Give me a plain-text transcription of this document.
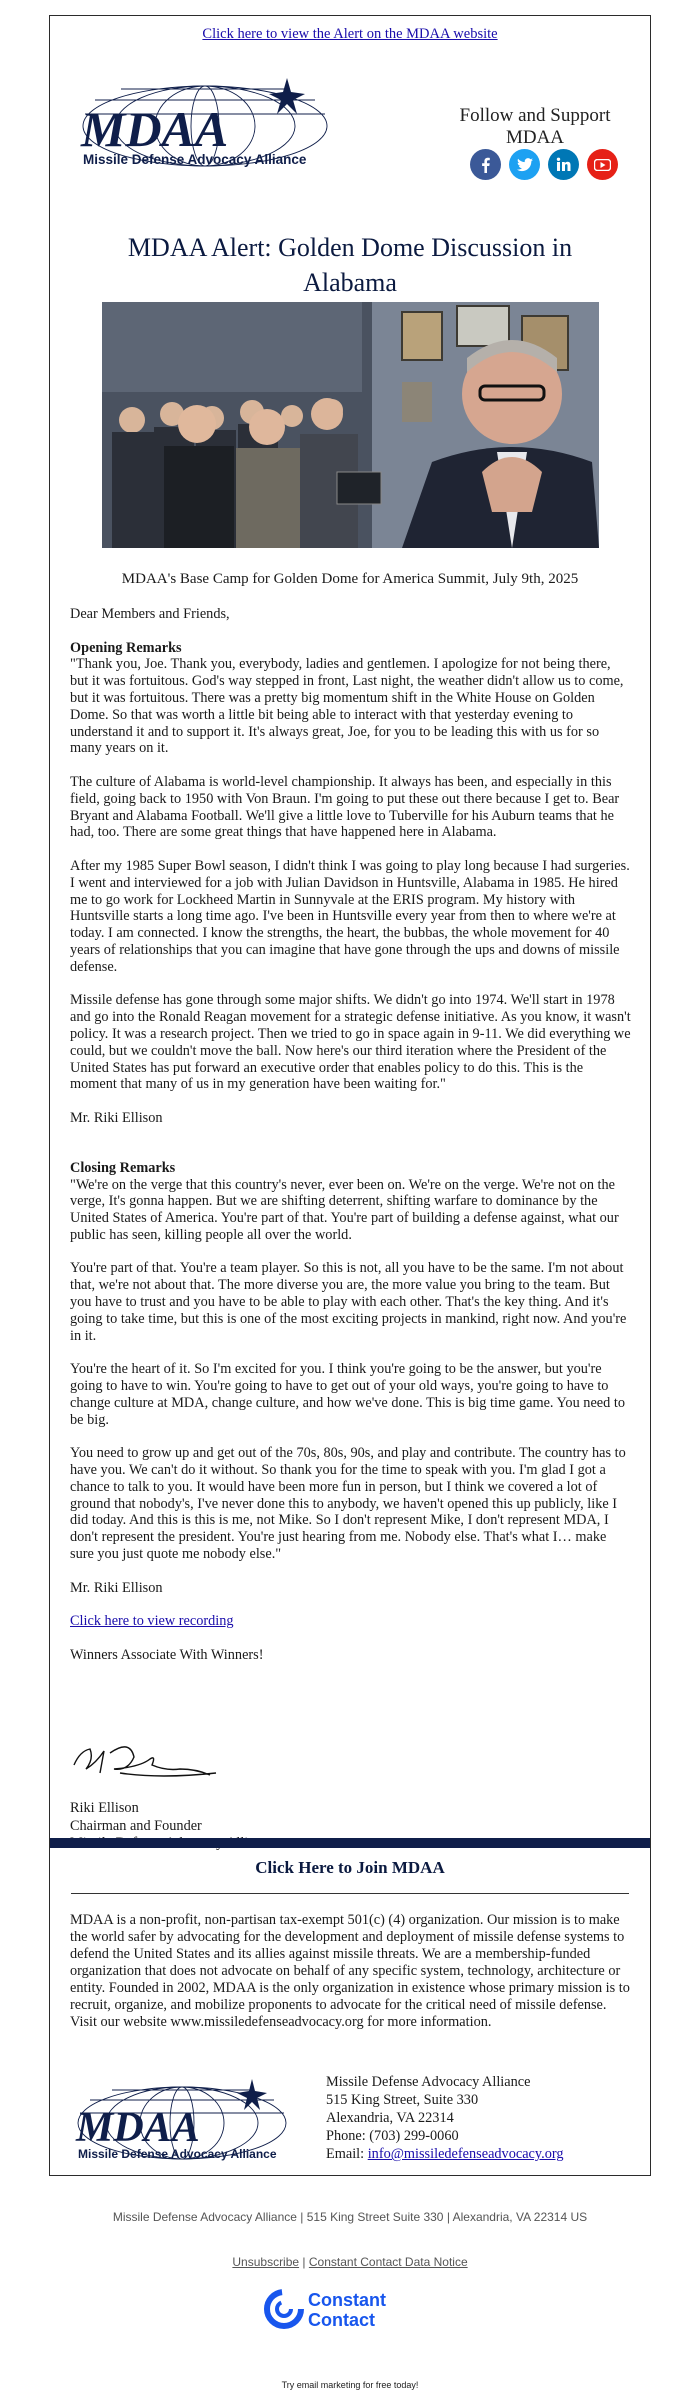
Click here to view the Alert on the MDAA website
MDAA
Missile Defense Advocacy Alliance
Follow and Support MDAA
MDAA Alert: Golden Dome Discussion in Alabama
MDAA's Base Camp for Golden Dome for America Summit, July 9th, 2025

Dear Members and Friends,

Opening Remarks

"Thank you, Joe. Thank you, everybody, ladies and gentlemen. I apologize for not being there, but it was fortuitous. God's way stepped in front, Last night, the weather didn't allow us to come, but it was fortuitous. There was a pretty big momentum shift in the White House on Golden Dome. So that was worth a little bit being able to interact with that yesterday evening to understand it and to support it. It's always great, Joe, for you to be leading this with us for so many years on it.

The culture of Alabama is world-level championship. It always has been, and especially in this field, going back to 1950 with Von Braun. I'm going to put these out there because I get to. Bear Bryant and Alabama Football. We'll give a little love to Tuberville for his Auburn teams that he had, too. There are some great things that have happened here in Alabama.

After my 1985 Super Bowl season, I didn't think I was going to play long because I had surgeries. I went and interviewed for a job with Julian Davidson in Huntsville, Alabama in 1985. He hired me to go work for Lockheed Martin in Sunnyvale at the ERIS program. My history with Huntsville starts a long time ago. I've been in Huntsville every year from then to where we're at today. I am connected. I know the strengths, the heart, the bubbas, the whole movement for 40 years of relationships that you can imagine that have gone through the ups and downs of missile defense.

Missile defense has gone through some major shifts. We didn't go into 1974. We'll start in 1978 and go into the Ronald Reagan movement for a strategic defense initiative. As you know, it wasn't policy. It was a research project. Then we tried to go in space again in 9-11. We did everything we could, but we couldn't move the ball. Now here's our third iteration where the President of the United States has put forward an executive order that enables policy to do this. This is the moment that many of us in my generation have been waiting for."

Mr. Riki Ellison

Closing Remarks

"We're on the verge that this country's never, ever been on. We're on the verge. We're not on the verge, It's gonna happen. But we are shifting deterrent, shifting warfare to dominance by the United States of America. You're part of that. You're part of building a defense against, what our public has seen, killing people all over the world.

You're part of that. You're a team player. So this is not, all you have to be the same. I'm not about that, we're not about that. The more diverse you are, the more value you bring to the team. But you have to trust and you have to be able to play with each other. That's the key thing. And it's going to take time, but this is one of the most exciting projects in mankind, right now. And you're in it.

You're the heart of it. So I'm excited for you. I think you're going to be the answer, but you're going to have to win. You're going to have to get out of your old ways, you're going to have to change culture at MDA, change culture, and how we've done. This is big time game. You need to be big.

You need to grow up and get out of the 70s, 80s, 90s, and play and contribute. The country has to have you. We can't do it without. So thank you for the time to speak with you. I'm glad I got a chance to talk to you. It would have been more fun in person, but I think we covered a lot of ground that nobody's, I've never done this to anybody, we haven't opened this up publicly, like I did today. And this is this is me, not Mike. So I don't represent Mike, I don't represent MDA, I don't represent the president. You're just hearing from me. Nobody else. That's what I… make sure you just quote me nobody else."

Mr. Riki Ellison

Click here to view recording

Winners Associate With Winners!

Riki Ellison
Chairman and Founder
Click Here to Join MDAA
MDAA is a non-profit, non-partisan tax-exempt 501(c) (4) organization. Our mission is to make the world safer by advocating for the development and deployment of missile defense systems to defend the United States and its allies against missile threats. We are a membership-funded organization that does not advocate on behalf of any specific system, technology, architecture or entity. Founded in 2002, MDAA is the only organization in existence whose primary mission is to recruit, organize, and mobilize proponents to advocate for the critical need of missile defense. Visit our website www.missiledefenseadvocacy.org for more information.
MDAA
Missile Defense Advocacy Alliance
Missile Defense Advocacy Alliance
515 King Street, Suite 330
Alexandria, VA 22314
Phone: (703) 299-0060
Email: info@missiledefenseadvocacy.org
Missile Defense Advocacy Alliance | 515 King Street Suite 330 | Alexandria, VA 22314 US
Unsubscribe | Constant Contact Data Notice
Constant
Contact
Try email marketing for free today!
